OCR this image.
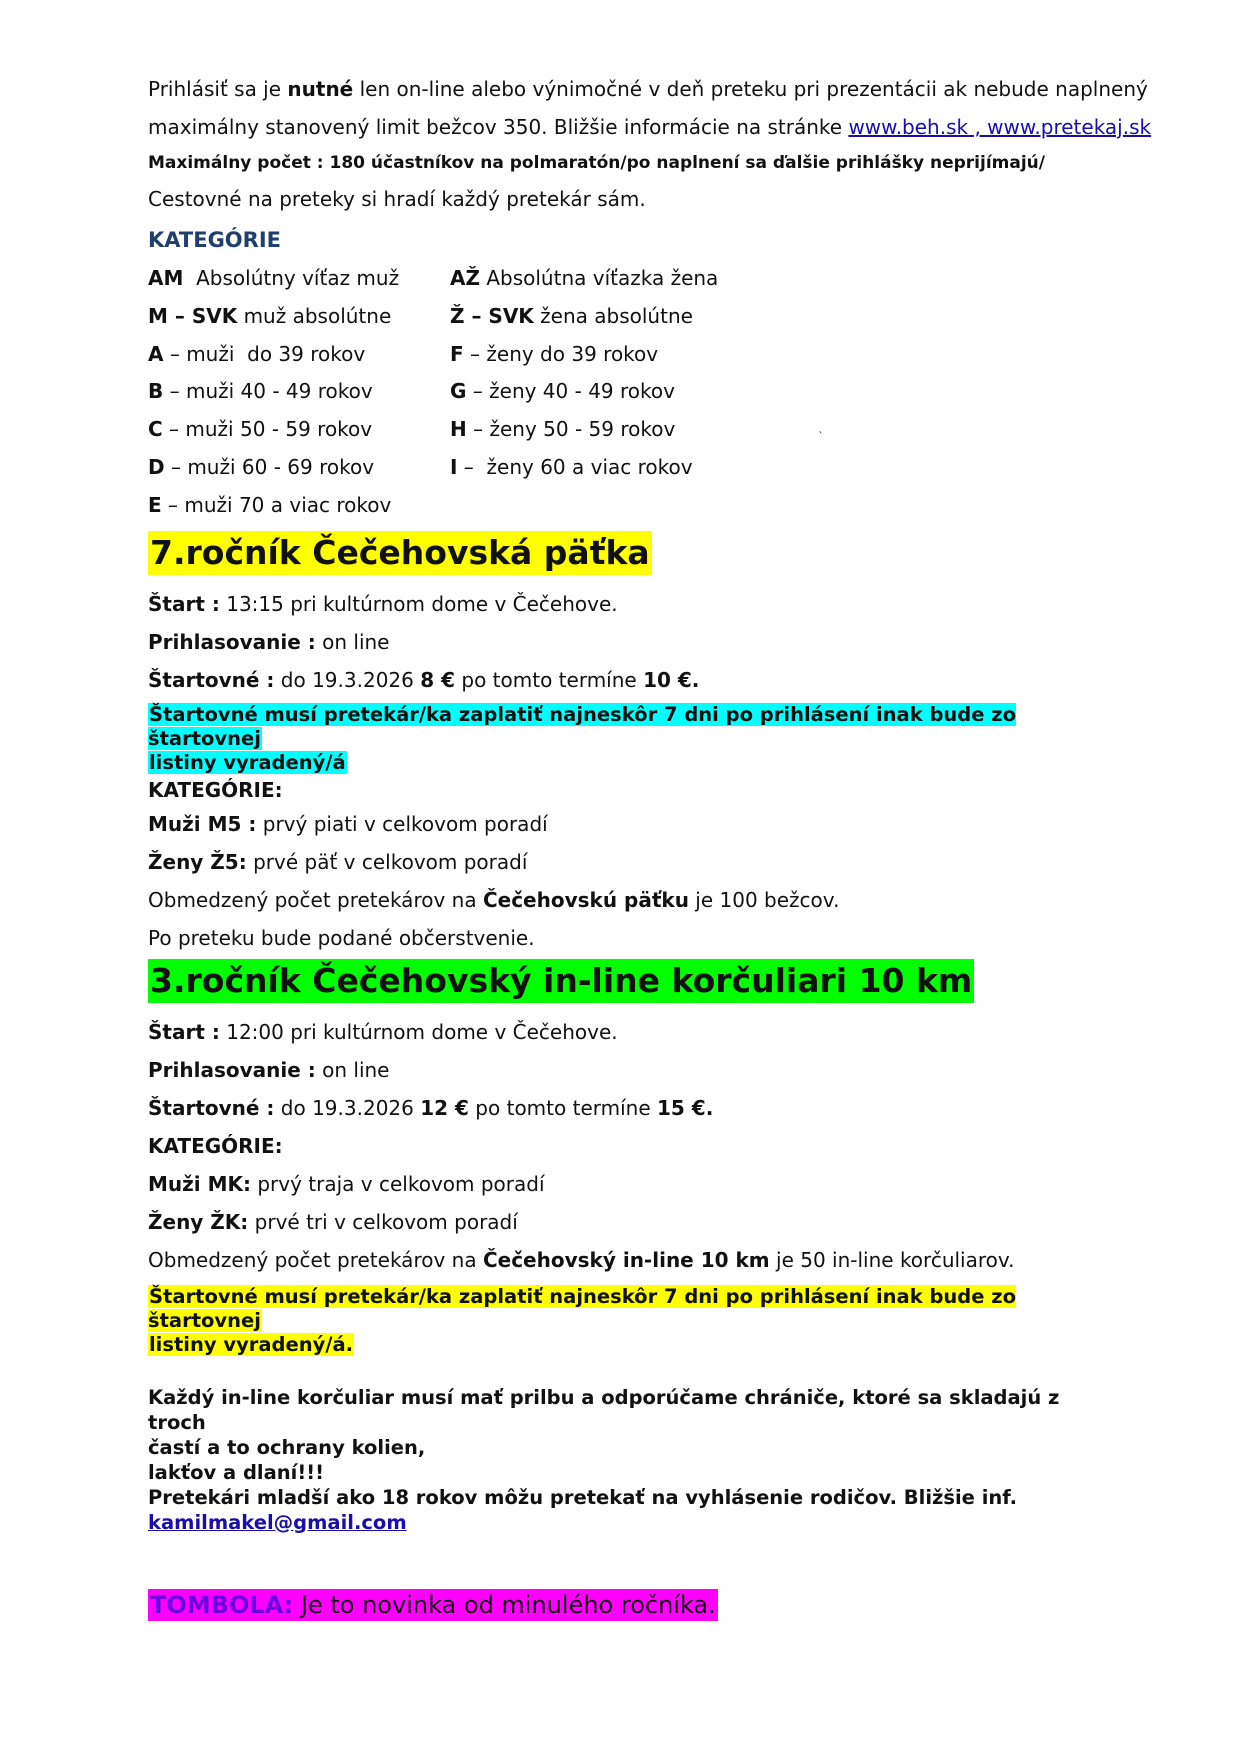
Prihlásiť sa je nutné len on-line alebo výnimočné v deň preteku pri prezentácii ak nebude naplnený
maximálny stanovený limit bežcov 350. Bližšie informácie na stránke www.beh.sk , www.pretekaj.sk
Maximálny počet : 180 účastníkov na polmaratón/po naplnení sa ďalšie prihlášky neprijímajú/
Cestovné na preteky si hradí každý pretekár sám.
KATEGÓRIE
AM  Absolútny víťaz muž	AŽ Absolútna víťazka žena
M – SVK muž absolútne	Ž – SVK žena absolútne
A – muži  do 39 rokov	F – ženy do 39 rokov
B – muži 40 - 49 rokov	G – ženy 40 - 49 rokov
C – muži 50 - 59 rokov	H – ženy 50 - 59 rokov
D – muži 60 - 69 rokov	I –  ženy 60 a viac rokov
E – muži 70 a viac rokov

7.ročník Čečehovská päťka
Štart : 13:15 pri kultúrnom dome v Čečehove.
Prihlasovanie : on line
Štartovné : do 19.3.2026 8 € po tomto termíne 10 €.
Štartovné musí pretekár/ka zaplatiť najneskôr 7 dni po prihlásení inak bude zo štartovnej
listiny vyradený/á
KATEGÓRIE:
Muži M5 : prvý piati v celkovom poradí
Ženy Ž5: prvé päť v celkovom poradí
Obmedzený počet pretekárov na Čečehovskú päťku je 100 bežcov.
Po preteku bude podané občerstvenie.
3.ročník Čečehovský in-line korčuliari 10 km
Štart : 12:00 pri kultúrnom dome v Čečehove.
Prihlasovanie : on line
Štartovné : do 19.3.2026 12 € po tomto termíne 15 €.
KATEGÓRIE:
Muži MK: prvý traja v celkovom poradí
Ženy ŽK: prvé tri v celkovom poradí
Obmedzený počet pretekárov na Čečehovský in-line 10 km je 50 in-line korčuliarov.
Štartovné musí pretekár/ka zaplatiť najneskôr 7 dni po prihlásení inak bude zo štartovnej
listiny vyradený/á.
Každý in-line korčuliar musí mať prilbu a odporúčame chrániče, ktoré sa skladajú z troch
častí a to ochrany kolien,
lakťov a dlaní!!!
Pretekári mladší ako 18 rokov môžu pretekať na vyhlásenie rodičov. Bližšie inf.
kamilmakel@gmail.com
TOMBOLA: Je to novinka od minulého ročníka.
`
